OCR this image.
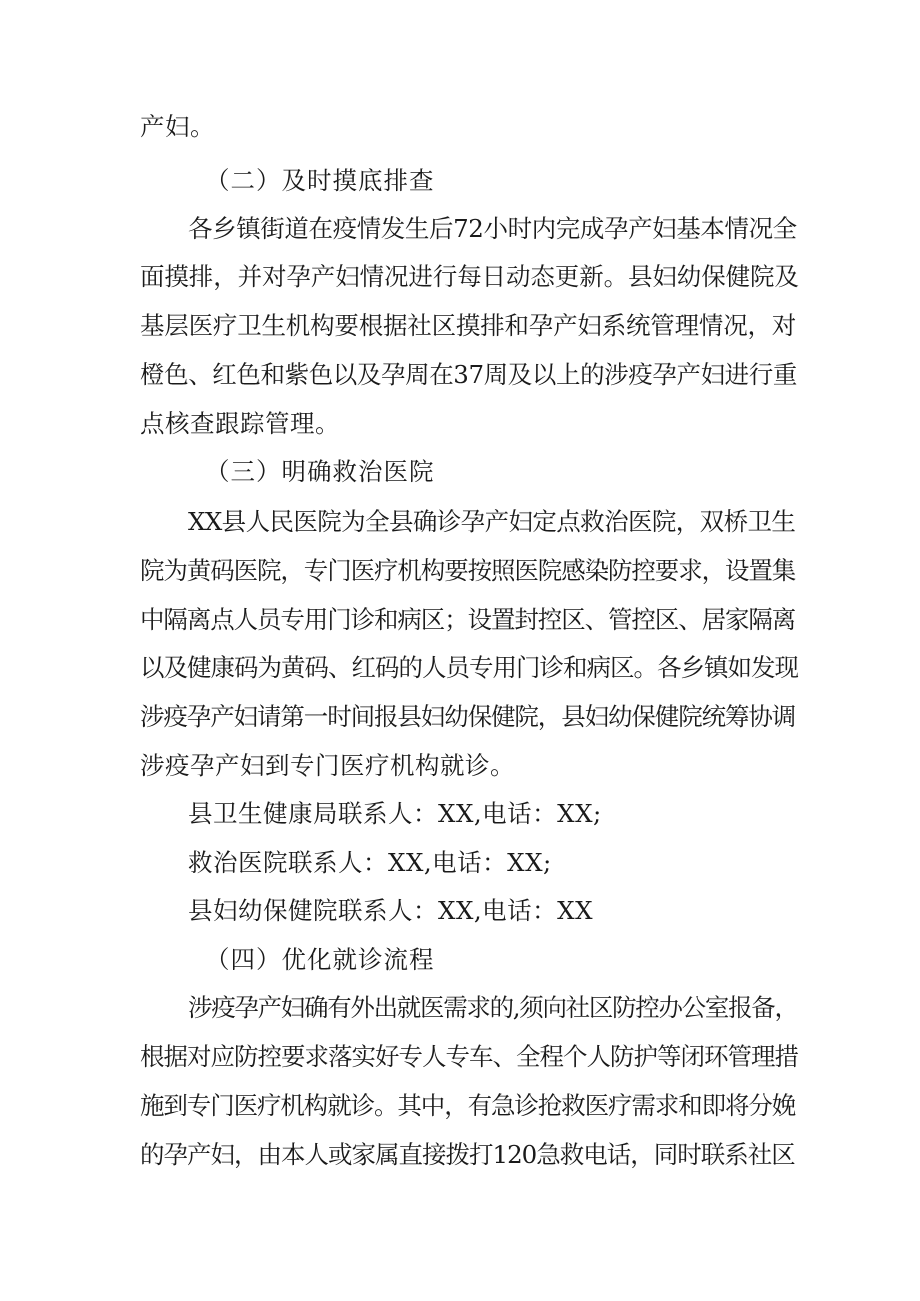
产妇。
（二）及时摸底排查
各乡镇街道在疫情发生后72小时内完成孕产妇基本情况全
面摸排，并对孕产妇情况进行每日动态更新。县妇幼保健院及
基层医疗卫生机构要根据社区摸排和孕产妇系统管理情况，对
橙色、红色和紫色以及孕周在37周及以上的涉疫孕产妇进行重
点核查跟踪管理。
（三）明确救治医院
XX县人民医院为全县确诊孕产妇定点救治医院，双桥卫生
院为黄码医院，专门医疗机构要按照医院感染防控要求，设置集
中隔离点人员专用门诊和病区；设置封控区、管控区、居家隔离
以及健康码为黄码、红码的人员专用门诊和病区。各乡镇如发现
涉疫孕产妇请第一时间报县妇幼保健院，县妇幼保健院统筹协调
涉疫孕产妇到专门医疗机构就诊。
县卫生健康局联系人：XX,电话：XX;
救治医院联系人：XX,电话：XX;
县妇幼保健院联系人：XX,电话：XX
（四）优化就诊流程
涉疫孕产妇确有外出就医需求的,须向社区防控办公室报备，
根据对应防控要求落实好专人专车、全程个人防护等闭环管理措
施到专门医疗机构就诊。其中，有急诊抢救医疗需求和即将分娩
的孕产妇，由本人或家属直接拨打120急救电话，同时联系社区
